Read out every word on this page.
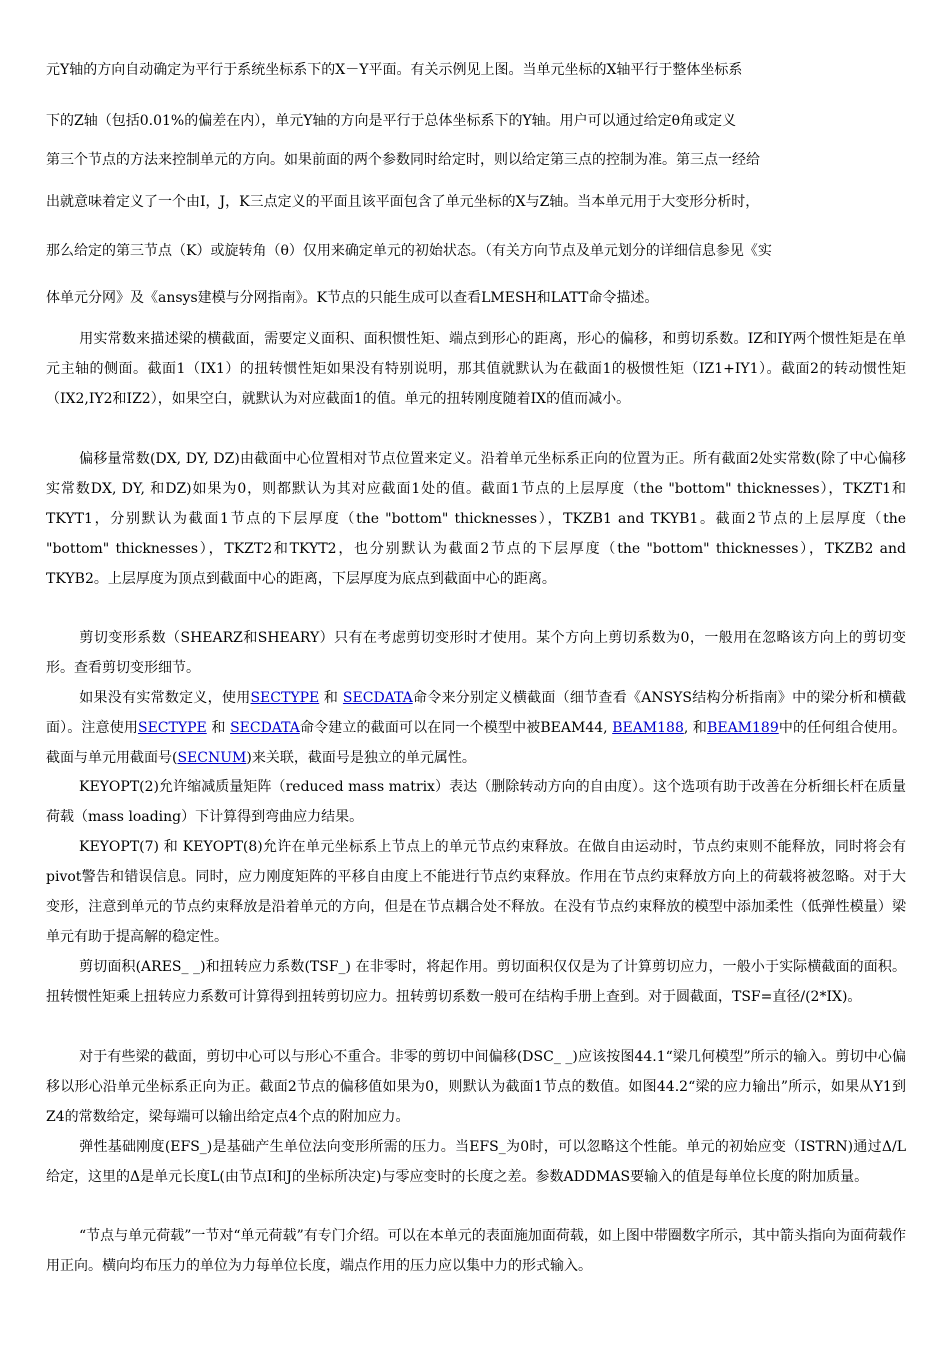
元Y轴的方向自动确定为平行于系统坐标系下的X－Y平面。有关示例见上图。当单元坐标的X轴平行于整体坐标系
下的Z轴（包括0.01%的偏差在内），单元Y轴的方向是平行于总体坐标系下的Y轴。用户可以通过给定θ角或定义
第三个节点的方法来控制单元的方向。如果前面的两个参数同时给定时，则以给定第三点的控制为准。第三点一经给
出就意味着定义了一个由I，J，K三点定义的平面且该平面包含了单元坐标的X与Z轴。当本单元用于大变形分析时，
那么给定的第三节点（K）或旋转角（θ）仅用来确定单元的初始状态。（有关方向节点及单元划分的详细信息参见《实
体单元分网》及《ansys建模与分网指南》。K节点的只能生成可以查看LMESH和LATT命令描述。
用实常数来描述梁的横截面，需要定义面积、面积惯性矩、端点到形心的距离，形心的偏移，和剪切系数。IZ和IY两个惯性矩是在单元主轴的侧面。截面1（IX1）的扭转惯性矩如果没有特别说明，那其值就默认为在截面1的极惯性矩（IZ1+IY1）。截面2的转动惯性矩（IX2,IY2和IZ2），如果空白，就默认为对应截面1的值。单元的扭转刚度随着IX的值而减小。
偏移量常数(DX, DY, DZ)由截面中心位置相对节点位置来定义。沿着单元坐标系正向的位置为正。所有截面2处实常数(除了中心偏移实常数DX, DY, 和DZ)如果为0，则都默认为其对应截面1处的值。截面1节点的上层厚度（the "bottom" thicknesses），TKZT1和TKYT1，分别默认为截面1节点的下层厚度（the "bottom" thicknesses），TKZB1 and TKYB1。截面2节点的上层厚度（the "bottom" thicknesses），TKZT2和TKYT2，也分别默认为截面2节点的下层厚度（the "bottom" thicknesses），TKZB2 and TKYB2。上层厚度为顶点到截面中心的距离，下层厚度为底点到截面中心的距离。
剪切变形系数（SHEARZ和SHEARY）只有在考虑剪切变形时才使用。某个方向上剪切系数为0，一般用在忽略该方向上的剪切变形。查看剪切变形细节。
如果没有实常数定义，使用SECTYPE 和 SECDATA命令来分别定义横截面（细节查看《ANSYS结构分析指南》中的梁分析和横截面）。注意使用SECTYPE 和 SECDATA命令建立的截面可以在同一个模型中被BEAM44, BEAM188, 和BEAM189中的任何组合使用。截面与单元用截面号(SECNUM)来关联，截面号是独立的单元属性。
KEYOPT(2)允许缩减质量矩阵（reduced mass matrix）表达（删除转动方向的自由度）。这个选项有助于改善在分析细长杆在质量荷载（mass loading）下计算得到弯曲应力结果。
KEYOPT(7) 和 KEYOPT(8)允许在单元坐标系上节点上的单元节点约束释放。在做自由运动时，节点约束则不能释放，同时将会有pivot警告和错误信息。同时，应力刚度矩阵的平移自由度上不能进行节点约束释放。作用在节点约束释放方向上的荷载将被忽略。对于大变形，注意到单元的节点约束释放是沿着单元的方向，但是在节点耦合处不释放。在没有节点约束释放的模型中添加柔性（低弹性模量）梁单元有助于提高解的稳定性。
剪切面积(ARES_ _)和扭转应力系数(TSF_) 在非零时，将起作用。剪切面积仅仅是为了计算剪切应力，一般小于实际横截面的面积。扭转惯性矩乘上扭转应力系数可计算得到扭转剪切应力。扭转剪切系数一般可在结构手册上查到。对于圆截面，TSF=直径/(2*IX)。
对于有些梁的截面，剪切中心可以与形心不重合。非零的剪切中间偏移(DSC_ _)应该按图44.1“梁几何模型”所示的输入。剪切中心偏移以形心沿单元坐标系正向为正。截面2节点的偏移值如果为0，则默认为截面1节点的数值。如图44.2“梁的应力输出”所示，如果从Y1到Z4的常数给定，梁每端可以输出给定点4个点的附加应力。
弹性基础刚度(EFS_)是基础产生单位法向变形所需的压力。当EFS_为0时，可以忽略这个性能。单元的初始应变（ISTRN)通过Δ/L给定，这里的Δ是单元长度L(由节点I和J的坐标所决定)与零应变时的长度之差。参数ADDMAS要输入的值是每单位长度的附加质量。
“节点与单元荷载”一节对“单元荷载”有专门介绍。可以在本单元的表面施加面荷载，如上图中带圈数字所示，其中箭头指向为面荷载作用正向。横向均布压力的单位为力每单位长度，端点作用的压力应以集中力的形式输入。
